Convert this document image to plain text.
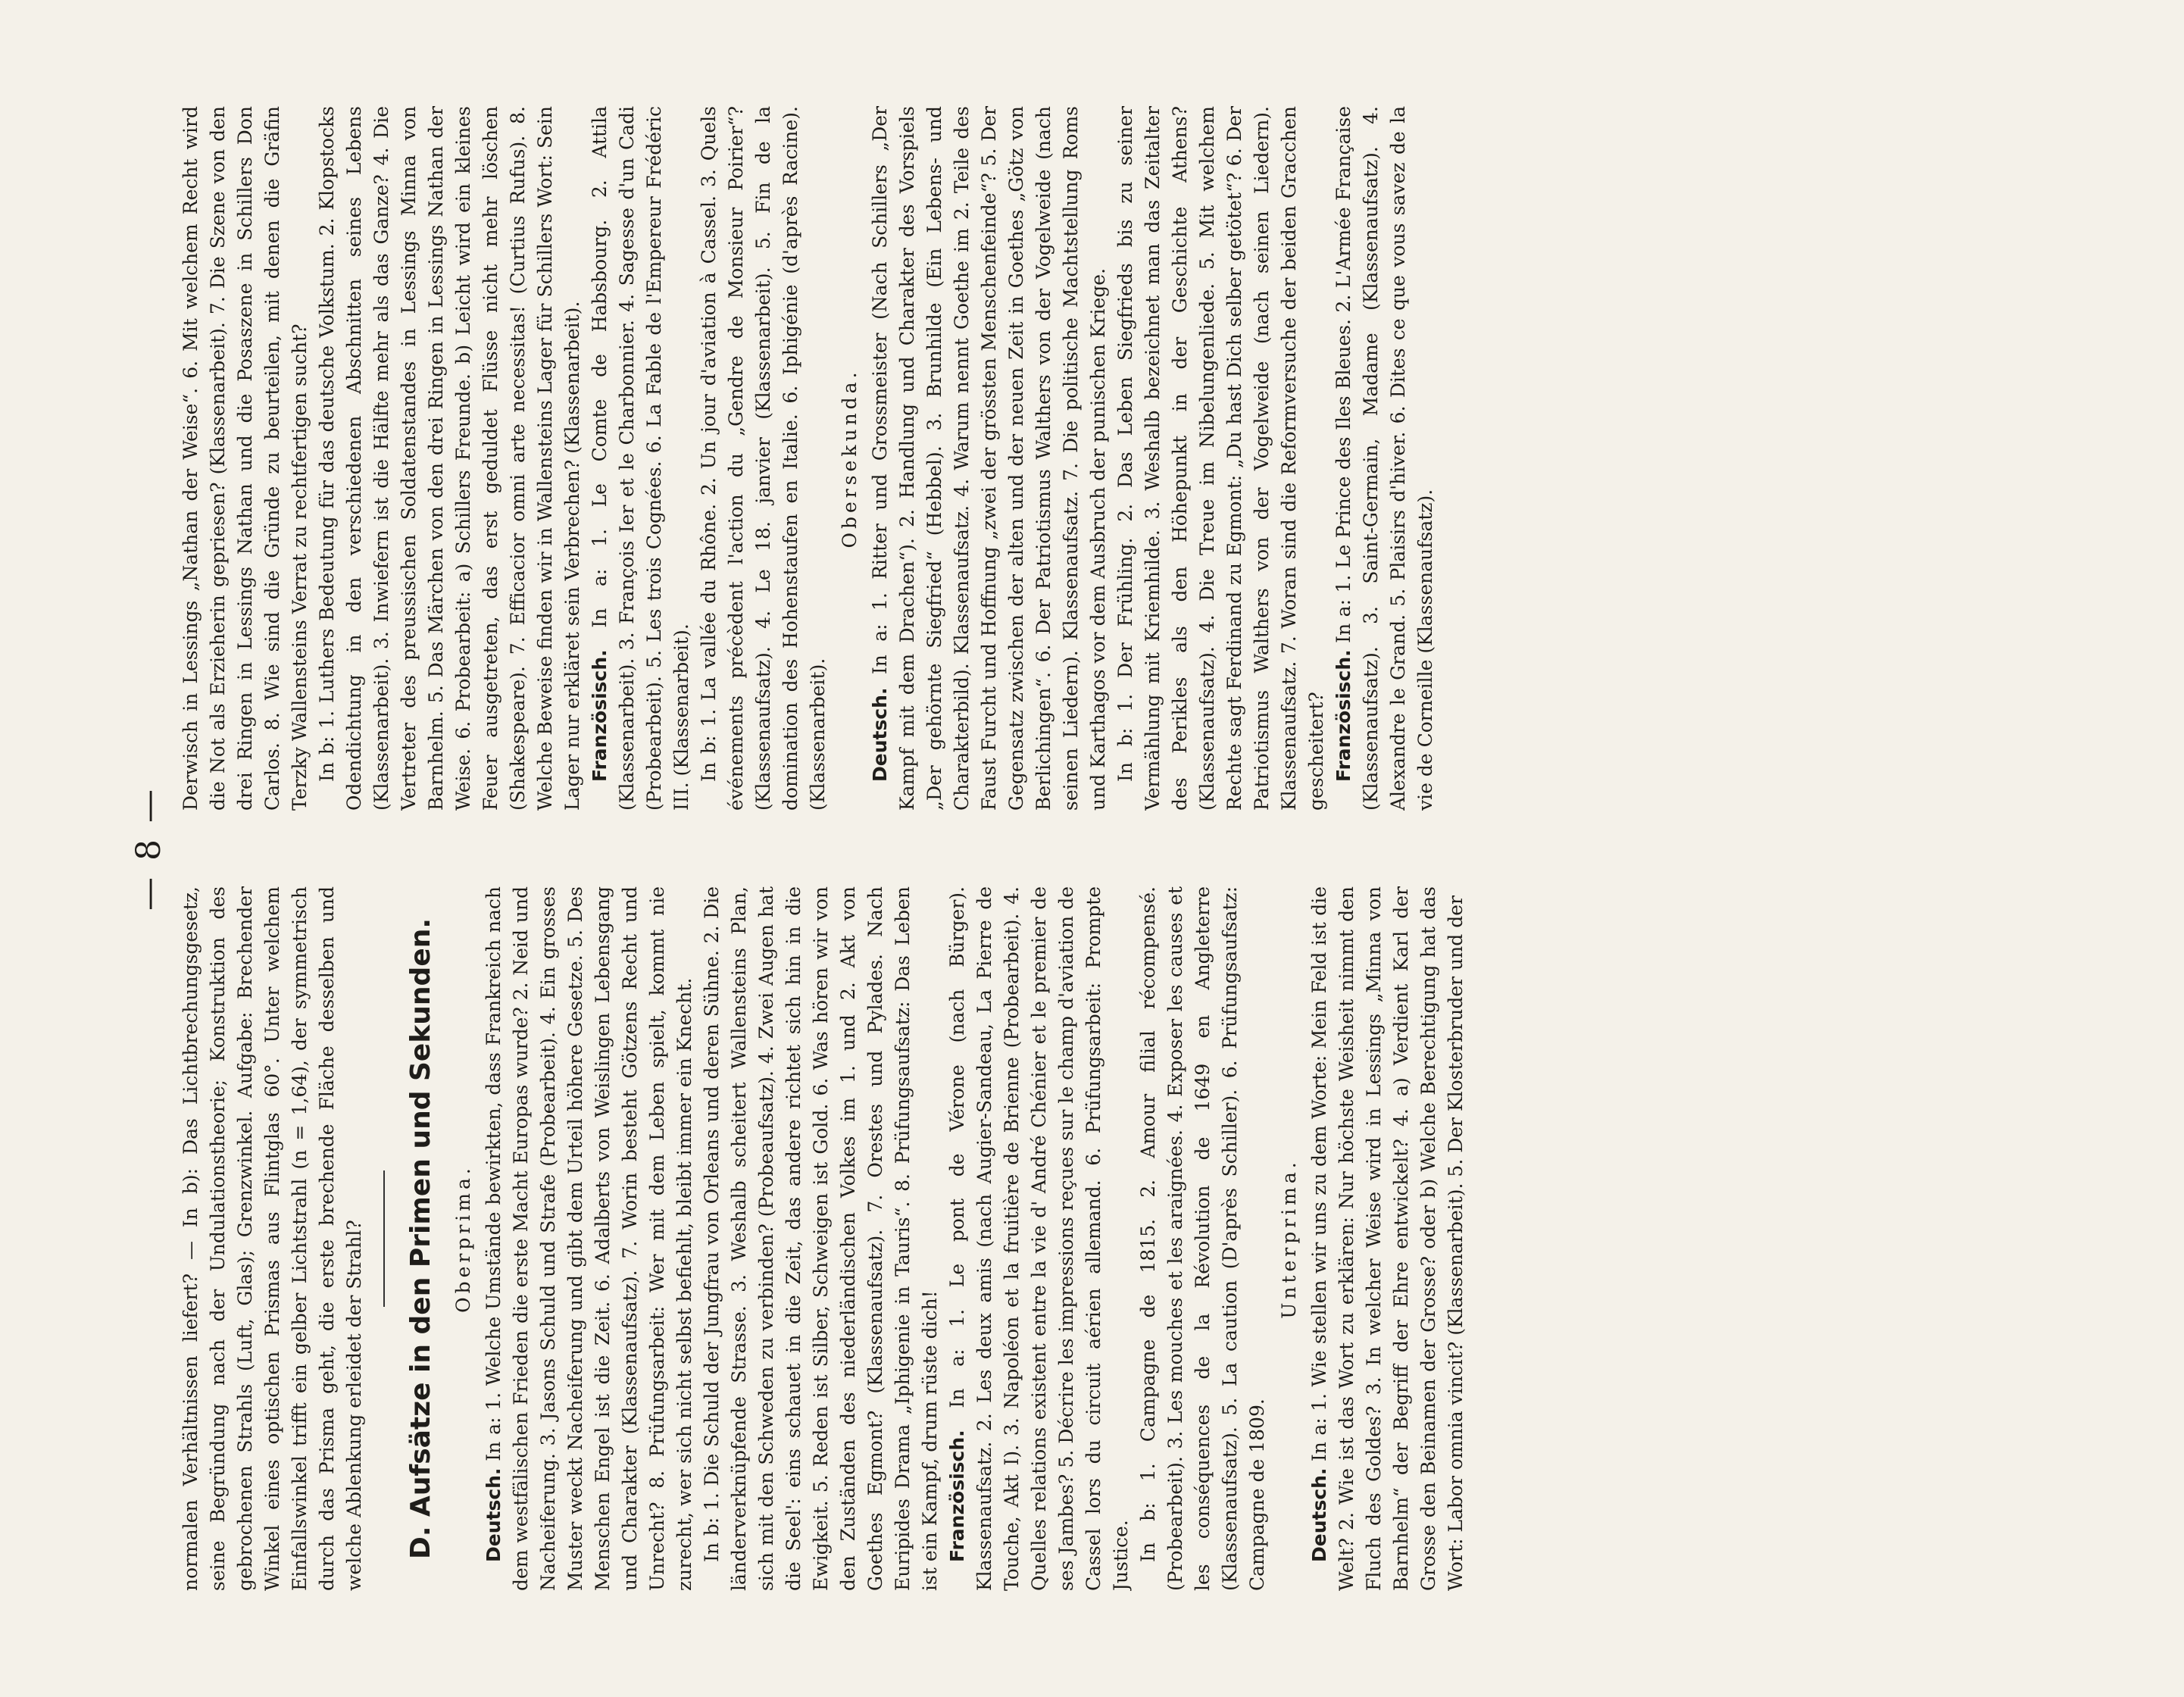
— 8 —

normalen Verhältnissen liefert? — In b): Das Lichtbrechungsgesetz, seine Begründung nach der Undulationstheorie; Konstruktion des gebrochenen Strahls (Luft, Glas); Grenzwinkel. Aufgabe: Brechender Winkel eines optischen Prismas aus Flintglas 60°. Unter welchem Einfallswinkel trifft ein gelber Lichtstrahl (n = 1,64), der symmetrisch durch das Prisma geht, die erste brechende Fläche desselben und welche Ablenkung erleidet der Strahl? D. Aufsätze in den Primen und Sekunden. Oberprima.

Deutsch. In a: 1. Welche Umstände bewirkten, dass Frankreich nach dem westfälischen Frieden die erste Macht Europas wurde? 2. Neid und Nacheiferung. 3. Jasons Schuld und Strafe (Probearbeit). 4. Ein grosses Muster weckt Nacheiferung und gibt dem Urteil höhere Gesetze. 5. Des Menschen Engel ist die Zeit. 6. Adalberts von Weislingen Lebensgang und Charakter (Klassenaufsatz). 7. Worin besteht Götzens Recht und Unrecht? 8. Prüfungsarbeit: Wer mit dem Leben spielt, kommt nie zurecht, wer sich nicht selbst befiehlt, bleibt immer ein Knecht. In b: 1. Die Schuld der Jungfrau von Orleans und deren Sühne. 2. Die länderverknüpfende Strasse. 3. Weshalb scheitert Wallensteins Plan, sich mit den Schweden zu verbinden? (Probeaufsatz). 4. Zwei Augen hat die Seel': eins schauet in die Zeit, das andere richtet sich hin in die Ewigkeit. 5. Reden ist Silber, Schweigen ist Gold. 6. Was hören wir von den Zuständen des niederländischen Volkes im 1. und 2. Akt von Goethes Egmont? (Klassenaufsatz). 7. Orestes und Pylades. Nach Euripides Drama „Iphigenie in Tauris“. 8. Prüfungsaufsatz: Das Leben ist ein Kampf, drum rüste dich! Französisch. In a: 1. Le pont de Vérone (nach Bürger). Klassenaufsatz. 2. Les deux amis (nach Augier-Sandeau, La Pierre de Touche, Akt I). 3. Napoléon et la fruitière de Brienne (Probearbeit). 4. Quelles relations existent entre la vie d' André Chénier et le premier de ses Jambes? 5. Décrire les impressions reçues sur le champ d'aviation de Cassel lors du circuit aérien allemand. 6. Prüfungsarbeit: Prompte Justice. In b: 1. Campagne de 1815. 2. Amour filial récompensé. (Probearbeit). 3. Les mouches et les araignées. 4. Exposer les causes et les conséquences de la Révolution de 1649 en Angleterre (Klassenaufsatz). 5. La caution (D'après Schiller). 6. Prüfungsaufsatz: Campagne de 1809.

Unterprima.

Deutsch. In a: 1. Wie stellen wir uns zu dem Worte: Mein Feld ist die Welt? 2. Wie ist das Wort zu erklären: Nur höchste Weisheit nimmt den Fluch des Goldes? 3. In welcher Weise wird in Lessings „Minna von Barnhelm“ der Begriff der Ehre entwickelt? 4. a) Verdient Karl der Grosse den Beinamen der Grosse? oder b) Welche Berechtigung hat das Wort: Labor omnia vincit? (Klassenarbeit). 5. Der Klosterbruder und der

Derwisch in Lessings „Nathan der Weise“. 6. Mit welchem Recht wird die Not als Erzieherin gepriesen? (Klassenarbeit). 7. Die Szene von den drei Ringen in Lessings Nathan und die Posaszene in Schillers Don Carlos. 8. Wie sind die Gründe zu beurteilen, mit denen die Gräfin Terzky Wallensteins Verrat zu rechtfertigen sucht? In b: 1. Luthers Bedeutung für das deutsche Volkstum. 2. Klopstocks Odendichtung in den verschiedenen Abschnitten seines Lebens (Klassenarbeit). 3. Inwiefern ist die Hälfte mehr als das Ganze? 4. Die Vertreter des preussischen Soldatenstandes in Lessings Minna von Barnhelm. 5. Das Märchen von den drei Ringen in Lessings Nathan der Weise. 6. Probearbeit: a) Schillers Freunde. b) Leicht wird ein kleines Feuer ausgetreten, das erst geduldet Flüsse nicht mehr löschen (Shakespeare). 7. Efficacior omni arte necessitas! (Curtius Rufus). 8. Welche Beweise finden wir in Wallensteins Lager für Schillers Wort: Sein Lager nur erkläret sein Verbrechen? (Klassenarbeit). Französisch. In a: 1. Le Comte de Habsbourg. 2. Attila (Klassenarbeit). 3. François Ier et le Charbonnier. 4. Sagesse d'un Cadi (Probearbeit). 5. Les trois Cognées. 6. La Fable de l'Empereur Frédéric III. (Klassenarbeit). In b: 1. La vallée du Rhône. 2. Un jour d'aviation à Cassel. 3. Quels événements précèdent l'action du „Gendre de Monsieur Poirier“? (Klassenaufsatz). 4. Le 18. janvier (Klassenarbeit). 5. Fin de la domination des Hohenstaufen en Italie. 6. Iphigénie (d'après Racine). (Klassenarbeit).

Obersekunda.

Deutsch. In a: 1. Ritter und Grossmeister (Nach Schillers „Der Kampf mit dem Drachen“). 2. Handlung und Charakter des Vorspiels „Der gehörnte Siegfried“ (Hebbel). 3. Brunhilde (Ein Lebens- und Charakterbild). Klassenaufsatz. 4. Warum nennt Goethe im 2. Teile des Faust Furcht und Hoffnung „zwei der grössten Menschenfeinde“? 5. Der Gegensatz zwischen der alten und der neuen Zeit in Goethes „Götz von Berlichingen“. 6. Der Patriotismus Walthers von der Vogelweide (nach seinen Liedern). Klassenaufsatz. 7. Die politische Machtstellung Roms und Karthagos vor dem Ausbruch der punischen Kriege. In b: 1. Der Frühling. 2. Das Leben Siegfrieds bis zu seiner Vermählung mit Kriemhilde. 3. Weshalb bezeichnet man das Zeitalter des Perikles als den Höhepunkt in der Geschichte Athens? (Klassenaufsatz). 4. Die Treue im Nibelungenliede. 5. Mit welchem Rechte sagt Ferdinand zu Egmont: „Du hast Dich selber getötet“? 6. Der Patriotismus Walthers von der Vogelweide (nach seinen Liedern). Klassenaufsatz. 7. Woran sind die Reformversuche der beiden Gracchen gescheitert? Französisch. In a: 1. Le Prince des Iles Bleues. 2. L'Armée Française (Klassenaufsatz). 3. Saint-Germain, Madame (Klassenaufsatz). 4. Alexandre le Grand. 5. Plaisirs d'hiver. 6. Dites ce que vous savez de la vie de Corneille (Klassenaufsatz).
